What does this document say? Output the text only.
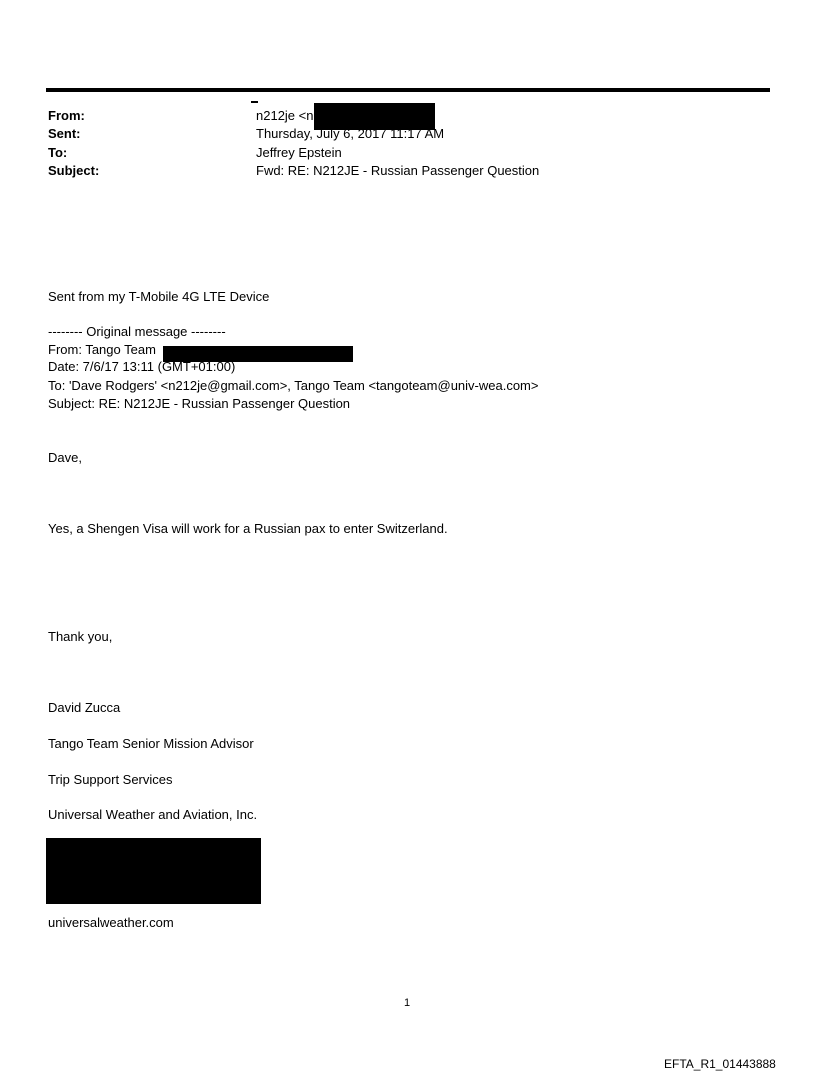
From:	n212je <n
Sent:	Thursday, July 6, 2017 11:17 AM
To:	Jeffrey Epstein
Subject:	Fwd: RE: N212JE - Russian Passenger Question
Sent from my T-Mobile 4G LTE Device
-------- Original message --------
From: Tango Team
Date: 7/6/17 13:11 (GMT+01:00)
To: 'Dave Rodgers' <n212je@gmail.com>, Tango Team <tangoteam@univ-wea.com>
Subject: RE: N212JE - Russian Passenger Question
Dave,
Yes, a Shengen Visa will work for a Russian pax to enter Switzerland.
Thank you,
David Zucca
Tango Team Senior Mission Advisor
Trip Support Services
Universal Weather and Aviation, Inc.
universalweather.com
1
EFTA_R1_01443888
